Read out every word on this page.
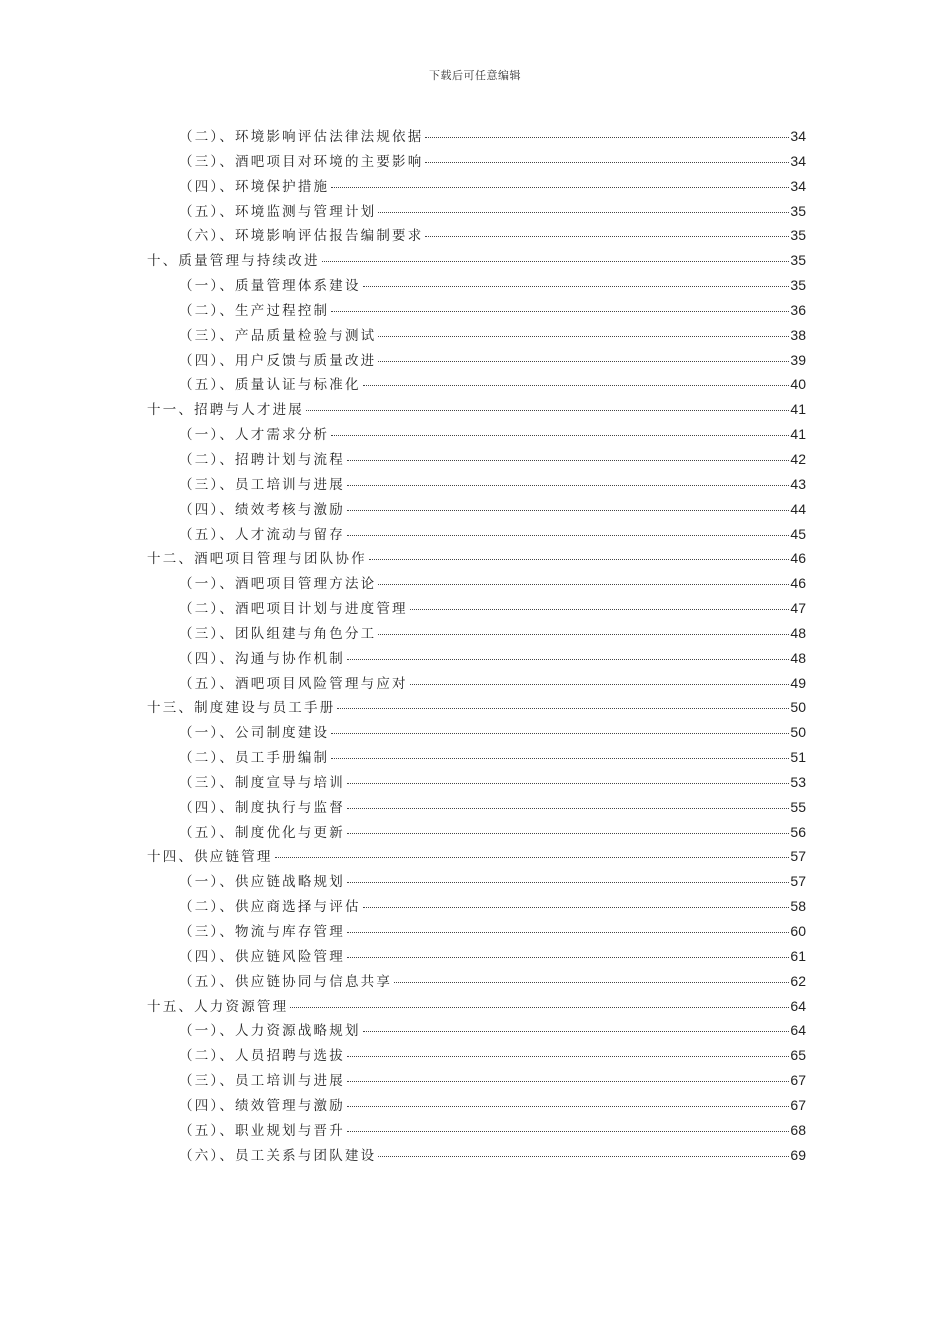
下载后可任意编辑
（二）、环境影响评估法律法规依据	34
（三）、酒吧项目对环境的主要影响	34
（四）、环境保护措施	34
（五）、环境监测与管理计划	35
（六）、环境影响评估报告编制要求	35
十、质量管理与持续改进	35
（一）、质量管理体系建设	35
（二）、生产过程控制	36
（三）、产品质量检验与测试	38
（四）、用户反馈与质量改进	39
（五）、质量认证与标准化	40
十一、招聘与人才进展	41
（一）、人才需求分析	41
（二）、招聘计划与流程	42
（三）、员工培训与进展	43
（四）、绩效考核与激励	44
（五）、人才流动与留存	45
十二、酒吧项目管理与团队协作	46
（一）、酒吧项目管理方法论	46
（二）、酒吧项目计划与进度管理	47
（三）、团队组建与角色分工	48
（四）、沟通与协作机制	48
（五）、酒吧项目风险管理与应对	49
十三、制度建设与员工手册	50
（一）、公司制度建设	50
（二）、员工手册编制	51
（三）、制度宣导与培训	53
（四）、制度执行与监督	55
（五）、制度优化与更新	56
十四、供应链管理	57
（一）、供应链战略规划	57
（二）、供应商选择与评估	58
（三）、物流与库存管理	60
（四）、供应链风险管理	61
（五）、供应链协同与信息共享	62
十五、人力资源管理	64
（一）、人力资源战略规划	64
（二）、人员招聘与选拔	65
（三）、员工培训与进展	67
（四）、绩效管理与激励	67
（五）、职业规划与晋升	68
（六）、员工关系与团队建设	69
